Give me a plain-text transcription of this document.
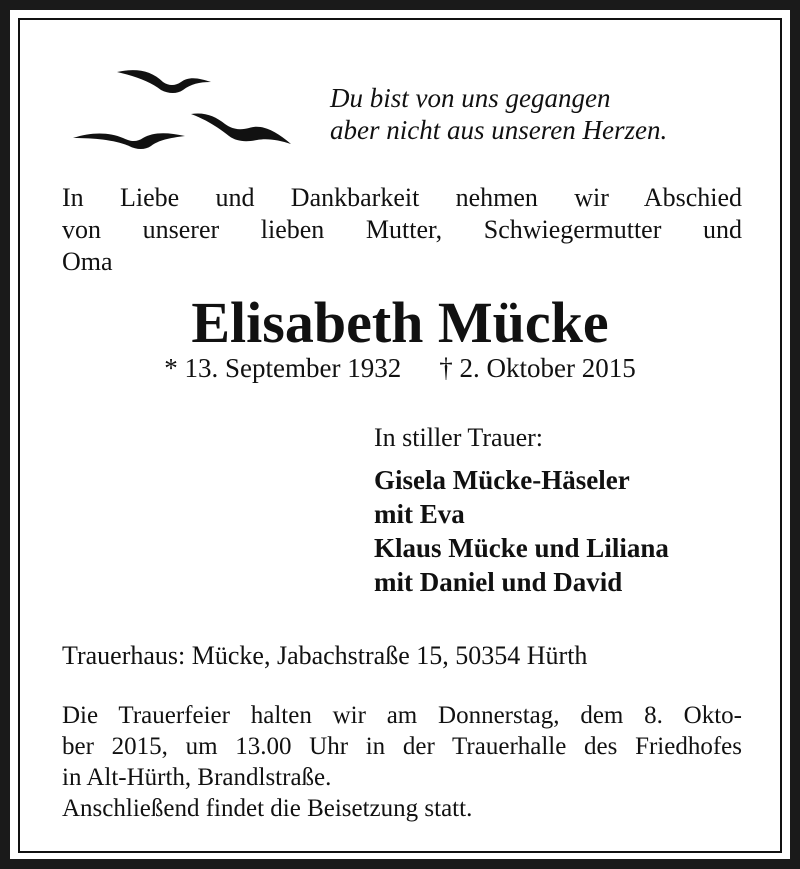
Du bist von uns gegangen
aber nicht aus unseren Herzen.
In Liebe und Dankbarkeit nehmen wir Abschied
von unserer lieben Mutter, Schwiegermutter und
Oma
Elisabeth Mücke
* 13. September 1932 † 2. Oktober 2015
In stiller Trauer:
Gisela Mücke-Häseler
mit Eva
Klaus Mücke und Liliana
mit Daniel und David
Trauerhaus: Mücke, Jabachstraße 15, 50354 Hürth
Die Trauerfeier halten wir am Donnerstag, dem 8. Okto-
ber 2015, um 13.00 Uhr in der Trauerhalle des Friedhofes
in Alt-Hürth, Brandlstraße.
Anschließend findet die Beisetzung statt.
